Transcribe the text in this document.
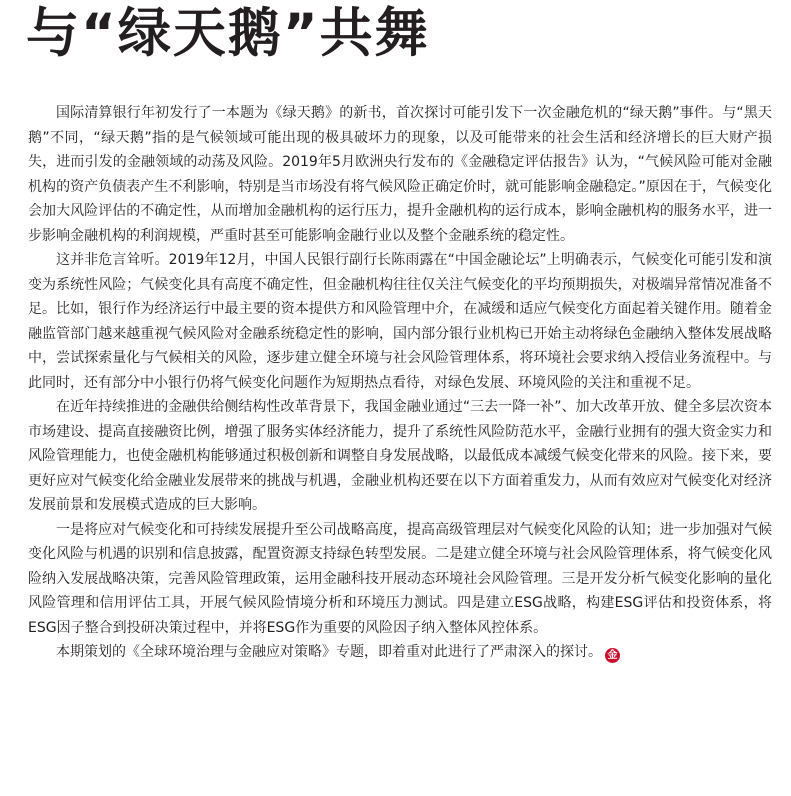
与“绿天鹅”共舞

国际清算银行年初发行了一本题为《绿天鹅》的新书，首次探讨可能引发下一次金融危机的“绿天鹅”事件。与“黑天鹅”不同，“绿天鹅”指的是气候领域可能出现的极具破坏力的现象，以及可能带来的社会生活和经济增长的巨大财产损失，进而引发的金融领域的动荡及风险。2019年5月欧洲央行发布的《金融稳定评估报告》认为，“气候风险可能对金融机构的资产负债表产生不利影响，特别是当市场没有将气候风险正确定价时，就可能影响金融稳定。”原因在于，气候变化会加大风险评估的不确定性，从而增加金融机构的运行压力，提升金融机构的运行成本，影响金融机构的服务水平，进一步影响金融机构的利润规模，严重时甚至可能影响金融行业以及整个金融系统的稳定性。

这并非危言耸听。2019年12月，中国人民银行副行长陈雨露在“中国金融论坛”上明确表示，气候变化可能引发和演变为系统性风险；气候变化具有高度不确定性，但金融机构往往仅关注气候变化的平均预期损失，对极端异常情况准备不足。比如，银行作为经济运行中最主要的资本提供方和风险管理中介，在减缓和适应气候变化方面起着关键作用。随着金融监管部门越来越重视气候风险对金融系统稳定性的影响，国内部分银行业机构已开始主动将绿色金融纳入整体发展战略中，尝试探索量化与气候相关的风险，逐步建立健全环境与社会风险管理体系，将环境社会要求纳入授信业务流程中。与此同时，还有部分中小银行仍将气候变化问题作为短期热点看待，对绿色发展、环境风险的关注和重视不足。

在近年持续推进的金融供给侧结构性改革背景下，我国金融业通过“三去一降一补”、加大改革开放、健全多层次资本市场建设、提高直接融资比例，增强了服务实体经济能力，提升了系统性风险防范水平，金融行业拥有的强大资金实力和风险管理能力，也使金融机构能够通过积极创新和调整自身发展战略，以最低成本减缓气候变化带来的风险。接下来，要更好应对气候变化给金融业发展带来的挑战与机遇，金融业机构还要在以下方面着重发力，从而有效应对气候变化对经济发展前景和发展模式造成的巨大影响。

一是将应对气候变化和可持续发展提升至公司战略高度，提高高级管理层对气候变化风险的认知；进一步加强对气候变化风险与机遇的识别和信息披露，配置资源支持绿色转型发展。二是建立健全环境与社会风险管理体系，将气候变化风险纳入发展战略决策，完善风险管理政策，运用金融科技开展动态环境社会风险管理。三是开发分析气候变化影响的量化风险管理和信用评估工具，开展气候风险情境分析和环境压力测试。四是建立ESG战略，构建ESG评估和投资体系，将ESG因子整合到投研决策过程中，并将ESG作为重要的风险因子纳入整体风控体系。

本期策划的《全球环境治理与金融应对策略》专题，即着重对此进行了严肃深入的探讨。 金
